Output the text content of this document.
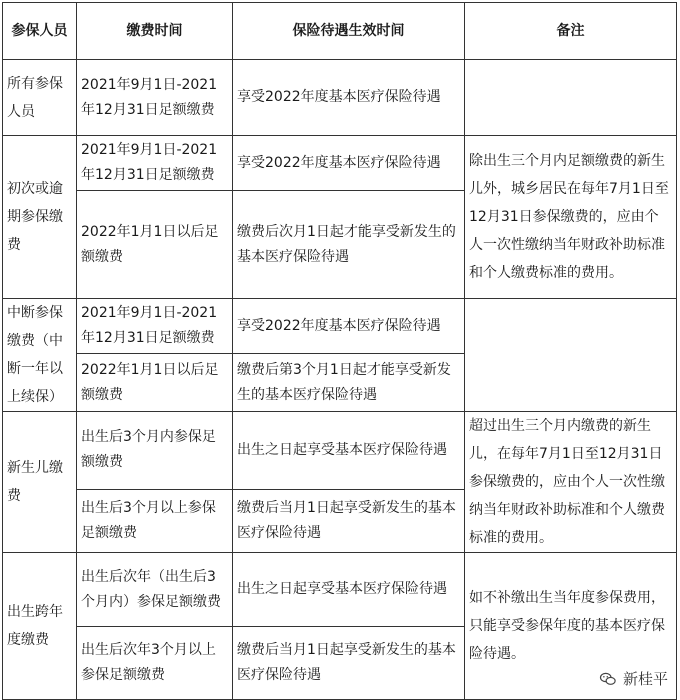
参保人员	缴费时间	保险待遇生效时间	备注
所有参保人员	2021年9月1日-2021年12月31日足额缴费	享受2022年度基本医疗保险待遇	
初次或逾期参保缴费	2021年9月1日-2021年12月31日足额缴费	享受2022年度基本医疗保险待遇	除出生三个月内足额缴费的新生儿外，城乡居民在每年7月1日至12月31日参保缴费的，应由个人一次性缴纳当年财政补助标准和个人缴费标准的费用。
	2022年1月1日以后足额缴费	缴费后次月1日起才能享受新发生的基本医疗保险待遇	
中断参保缴费（中断一年以上续保）	2021年9月1日-2021年12月31日足额缴费	享受2022年度基本医疗保险待遇	
	2022年1月1日以后足额缴费	缴费后第3个月1日起才能享受新发生的基本医疗保险待遇	
新生儿缴费	出生后3个月内参保足额缴费	出生之日起享受基本医疗保险待遇	超过出生三个月内缴费的新生儿，在每年7月1日至12月31日参保缴费的，应由个人一次性缴纳当年财政补助标准和个人缴费标准的费用。
	出生后3个月以上参保足额缴费	缴费后当月1日起享受新发生的基本医疗保险待遇	
出生跨年度缴费	出生后次年（出生后3个月内）参保足额缴费	出生之日起享受基本医疗保险待遇	如不补缴出生当年度参保费用，只能享受参保年度的基本医疗保险待遇。
	出生后次年3个月以上参保足额缴费	缴费后当月1日起享受新发生的基本医疗保险待遇		新桂平
